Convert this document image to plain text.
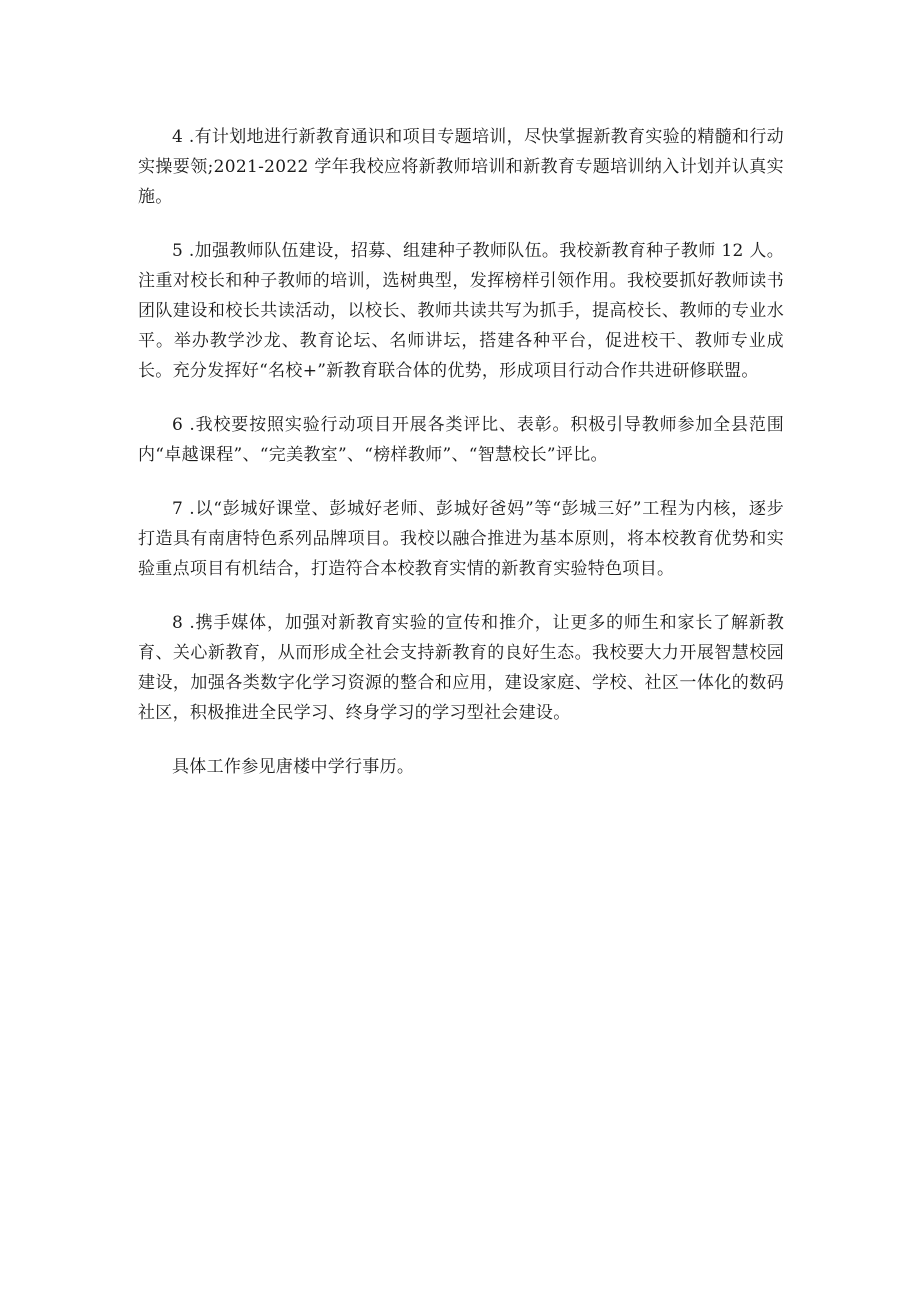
4 .有计划地进行新教育通识和项目专题培训，尽快掌握新教育实验的精髓和行动实操要领;2021-2022 学年我校应将新教师培训和新教育专题培训纳入计划并认真实施。

5 .加强教师队伍建设，招募、组建种子教师队伍。我校新教育种子教师 12 人。注重对校长和种子教师的培训，选树典型，发挥榜样引领作用。我校要抓好教师读书团队建设和校长共读活动，以校长、教师共读共写为抓手，提高校长、教师的专业水平。举办教学沙龙、教育论坛、名师讲坛，搭建各种平台，促进校干、教师专业成长。充分发挥好“名校+”新教育联合体的优势，形成项目行动合作共进研修联盟。

6 .我校要按照实验行动项目开展各类评比、表彰。积极引导教师参加全县范围内“卓越课程”、“完美教室”、“榜样教师”、“智慧校长”评比。

7 .以“彭城好课堂、彭城好老师、彭城好爸妈”等“彭城三好”工程为内核，逐步打造具有南唐特色系列品牌项目。我校以融合推进为基本原则，将本校教育优势和实验重点项目有机结合，打造符合本校教育实情的新教育实验特色项目。

8 .携手媒体，加强对新教育实验的宣传和推介，让更多的师生和家长了解新教育、关心新教育，从而形成全社会支持新教育的良好生态。我校要大力开展智慧校园建设，加强各类数字化学习资源的整合和应用，建设家庭、学校、社区一体化的数码社区，积极推进全民学习、终身学习的学习型社会建设。

具体工作参见唐楼中学行事历。
